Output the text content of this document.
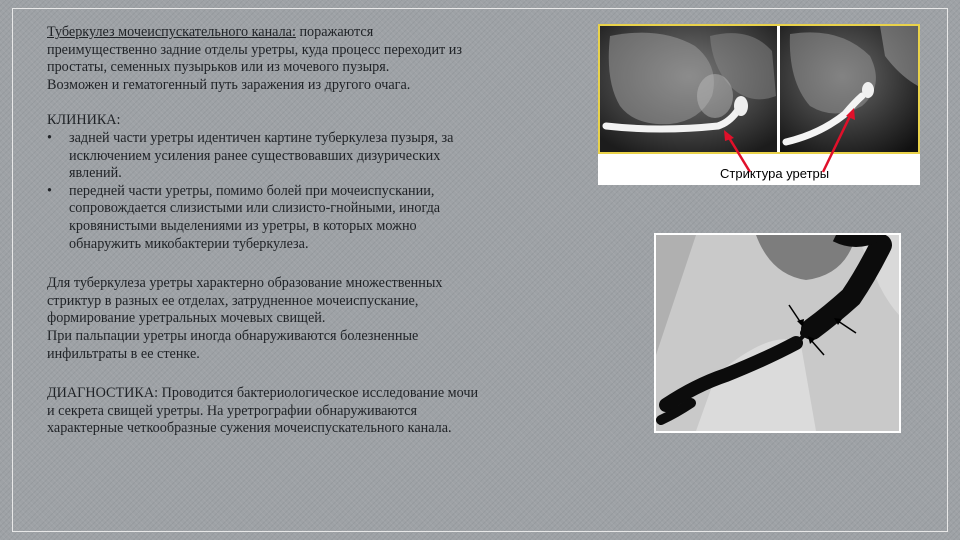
Туберкулез мочеиспускательного канала: поражаются

преимущественно задние отделы уретры, куда процесс переходит из

простаты, семенных пузырьков или из мочевого пузыря.

Возможен и гематогенный путь заражения из другого очага.

КЛИНИКА:

•	задней части уретры идентичен картине туберкулеза пузыря, за

исключением усиления ранее существовавших дизурических

явлений.

•	передней части уретры, помимо болей при мочеиспускании,

сопровождается слизистыми или слизисто-гнойными, иногда

кровянистыми выделениями из уретры, в которых можно

обнаружить микобактерии туберкулеза.

Для туберкулеза уретры характерно образование множественных

стриктур в разных ее отделах, затрудненное мочеиспускание,

формирование уретральных мочевых свищей.

При пальпации уретры иногда обнаруживаются болезненные

инфильтраты в ее стенке.

ДИАГНОСТИКА: Проводится бактериологическое исследование мочи

и секрета свищей уретры. На уретрографии обнаруживаются

характерные четкообразные сужения мочеиспускательного канала.

Стриктура уретры
